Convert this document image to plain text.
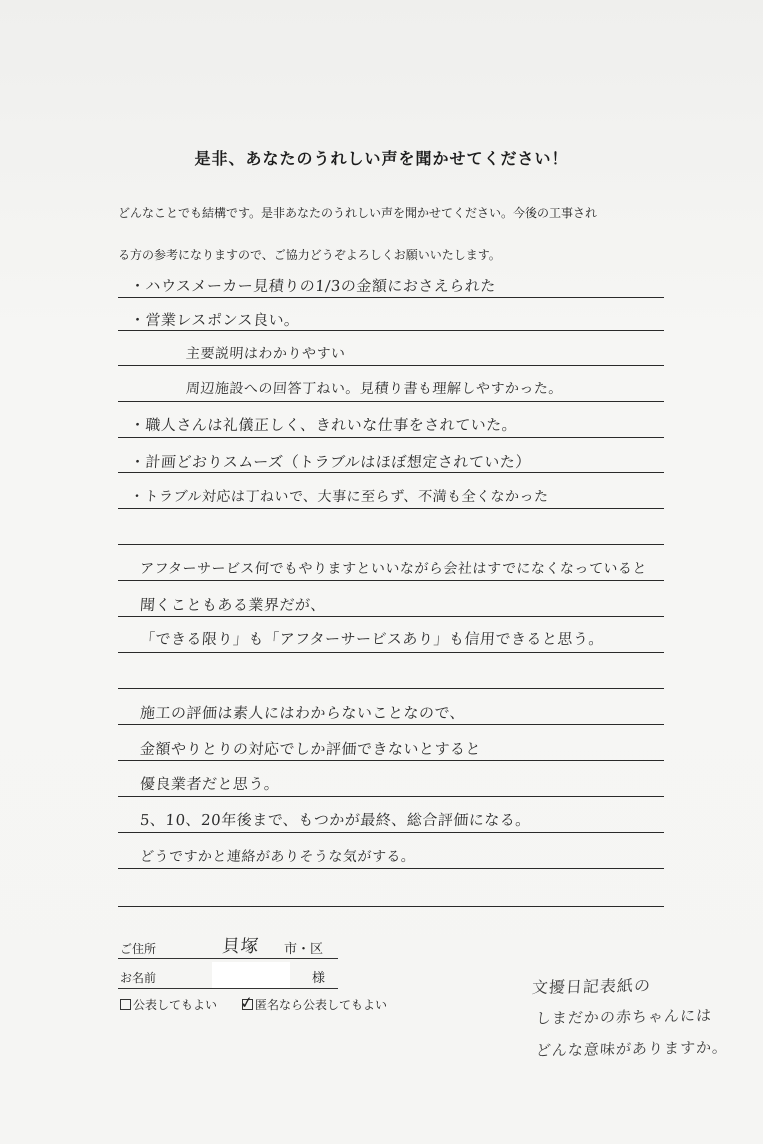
是非、あなたのうれしい声を聞かせてください！
どんなことでも結構です。是非あなたのうれしい声を聞かせてください。今後の工事され
る方の参考になりますので、ご協力どうぞよろしくお願いいたします。
・ハウスメーカー見積りの1/3の金額におさえられた
・営業レスポンス良い。
主要説明はわかりやすい
周辺施設への回答丁ねい。見積り書も理解しやすかった。
・職人さんは礼儀正しく、きれいな仕事をされていた。
・計画どおりスムーズ（トラブルはほぼ想定されていた）
・トラブル対応は丁ねいで、大事に至らず、不満も全くなかった
アフターサービス何でもやりますといいながら会社はすでになくなっていると
聞くこともある業界だが、
「できる限り」も「アフターサービスあり」も信用できると思う。
施工の評価は素人にはわからないことなので、
金額やりとりの対応でしか評価できないとすると
優良業者だと思う。
5、10、20年後まで、もつかが最終、総合評価になる。
どうですかと連絡がありそうな気がする。
ご住所	貝塚 市・区
お名前	様
公表してもよい	匿名なら公表してもよい
✓
文擾日記表紙の
しまだかの赤ちゃんには
どんな意味がありますか。
